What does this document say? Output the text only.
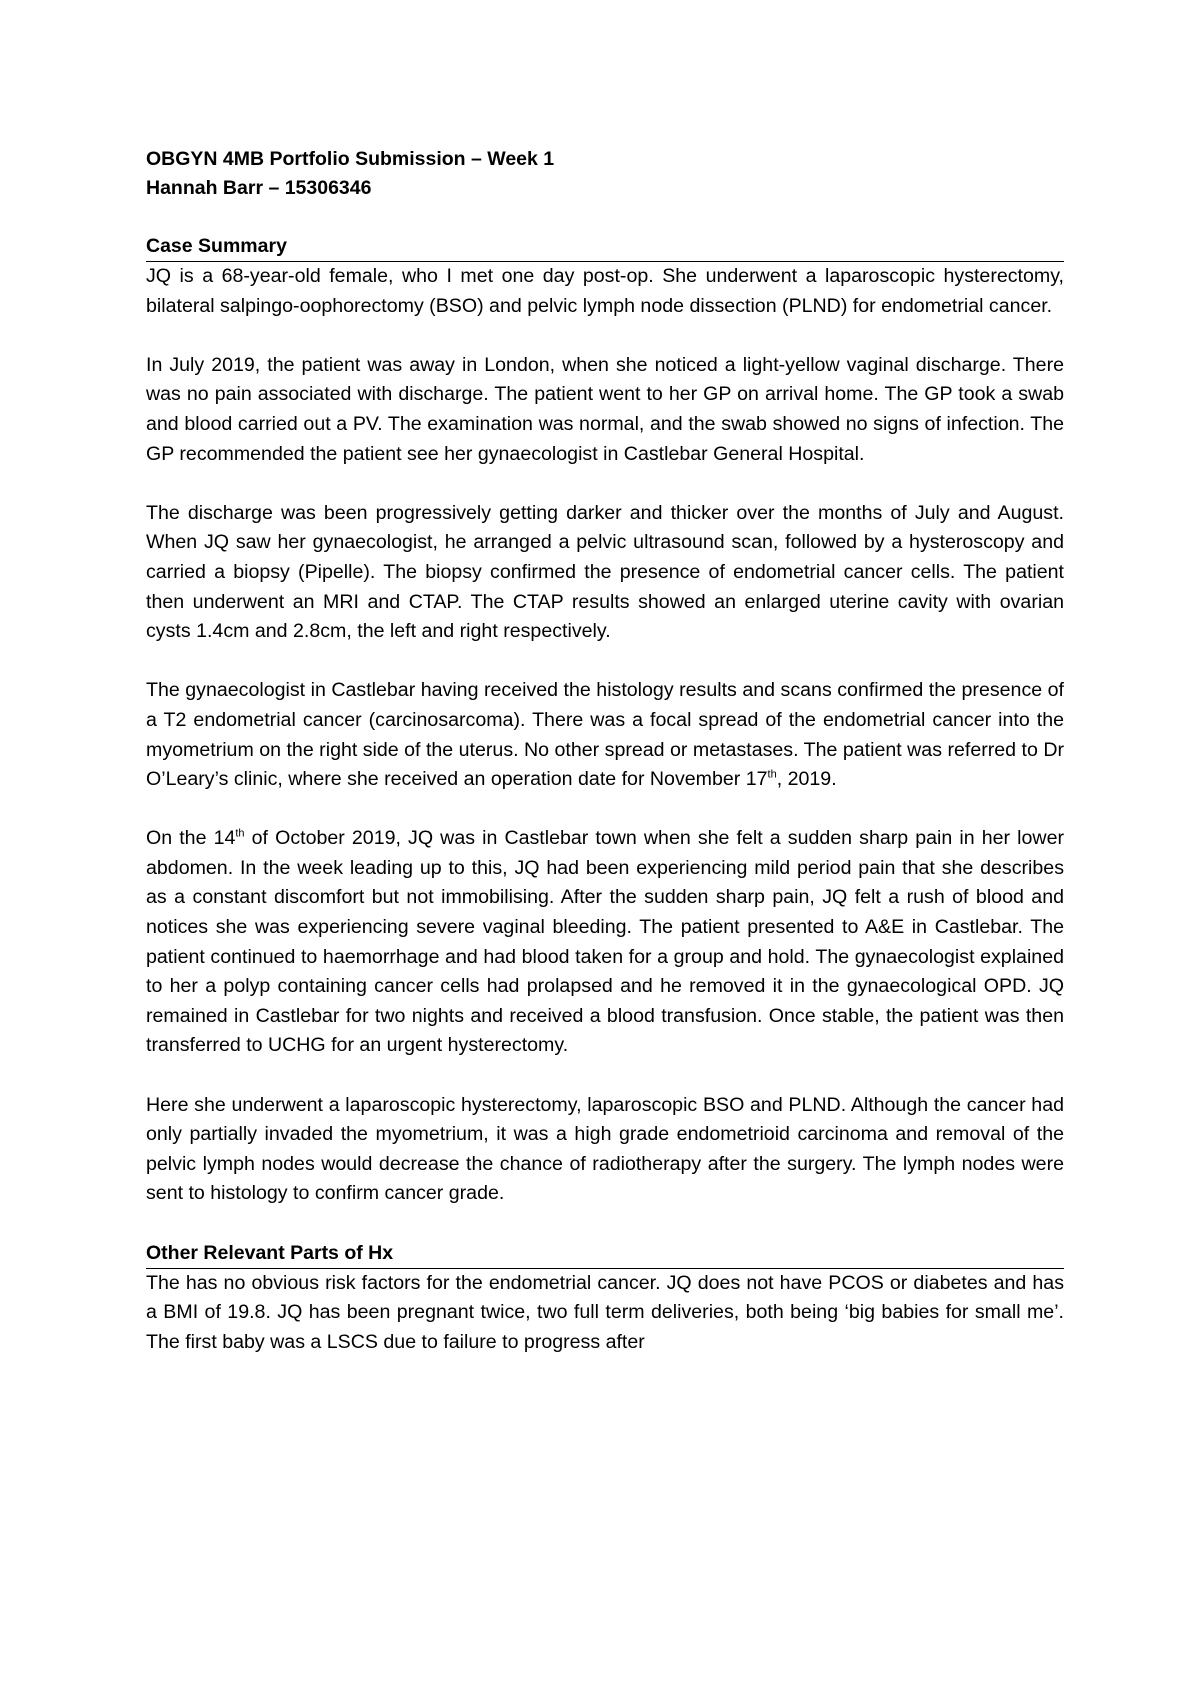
OBGYN 4MB Portfolio Submission – Week 1

Hannah Barr – 15306346

Case Summary

JQ is a 68-year-old female, who I met one day post-op. She underwent a laparoscopic hysterectomy, bilateral salpingo-oophorectomy (BSO) and pelvic lymph node dissection (PLND) for endometrial cancer.

In July 2019, the patient was away in London, when she noticed a light-yellow vaginal discharge. There was no pain associated with discharge. The patient went to her GP on arrival home. The GP took a swab and blood carried out a PV. The examination was normal, and the swab showed no signs of infection. The GP recommended the patient see her gynaecologist in Castlebar General Hospital.

The discharge was been progressively getting darker and thicker over the months of July and August. When JQ saw her gynaecologist, he arranged a pelvic ultrasound scan, followed by a hysteroscopy and carried a biopsy (Pipelle). The biopsy confirmed the presence of endometrial cancer cells. The patient then underwent an MRI and CTAP. The CTAP results showed an enlarged uterine cavity with ovarian cysts 1.4cm and 2.8cm, the left and right respectively.

The gynaecologist in Castlebar having received the histology results and scans confirmed the presence of a T2 endometrial cancer (carcinosarcoma). There was a focal spread of the endometrial cancer into the myometrium on the right side of the uterus. No other spread or metastases. The patient was referred to Dr O’Leary’s clinic, where she received an operation date for November 17th, 2019.

On the 14th of October 2019, JQ was in Castlebar town when she felt a sudden sharp pain in her lower abdomen. In the week leading up to this, JQ had been experiencing mild period pain that she describes as a constant discomfort but not immobilising. After the sudden sharp pain, JQ felt a rush of blood and notices she was experiencing severe vaginal bleeding. The patient presented to A&E in Castlebar. The patient continued to haemorrhage and had blood taken for a group and hold. The gynaecologist explained to her a polyp containing cancer cells had prolapsed and he removed it in the gynaecological OPD. JQ remained in Castlebar for two nights and received a blood transfusion. Once stable, the patient was then transferred to UCHG for an urgent hysterectomy.

Here she underwent a laparoscopic hysterectomy, laparoscopic BSO and PLND. Although the cancer had only partially invaded the myometrium, it was a high grade endometrioid carcinoma and removal of the pelvic lymph nodes would decrease the chance of radiotherapy after the surgery. The lymph nodes were sent to histology to confirm cancer grade.

Other Relevant Parts of Hx

The has no obvious risk factors for the endometrial cancer. JQ does not have PCOS or diabetes and has a BMI of 19.8. JQ has been pregnant twice, two full term deliveries, both being ‘big babies for small me’. The first baby was a LSCS due to failure to progress after
